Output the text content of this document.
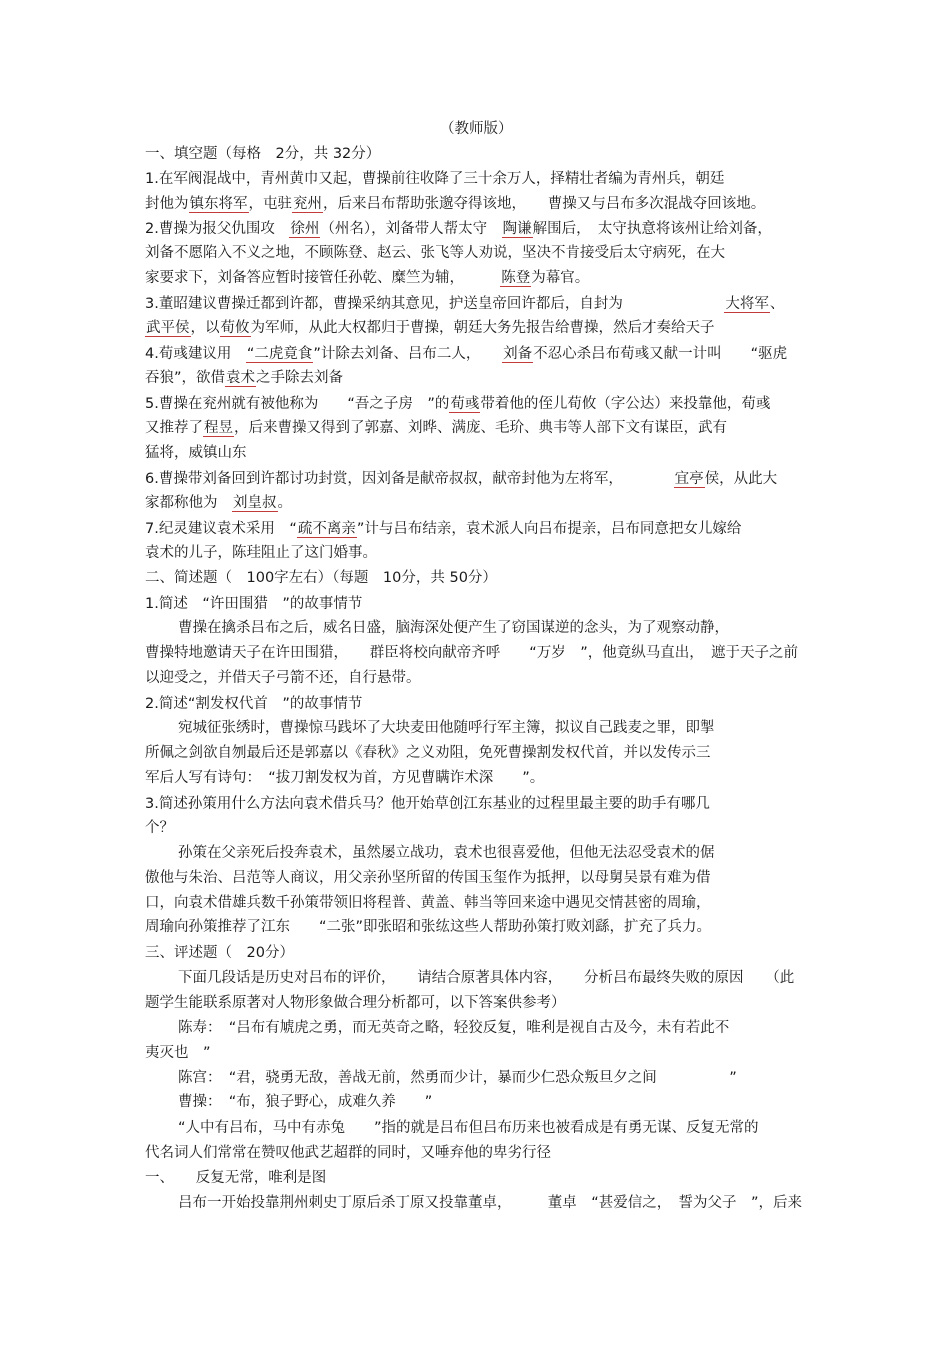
（教师版）
一、填空题（每格　2分，共 32分）
1.在军阀混战中，青州黄巾又起，曹操前往收降了三十余万人，择精壮者编为青州兵，朝廷
封他为镇东将军，屯驻兖州，后来吕布帮助张邈夺得该地，　　曹操又与吕布多次混战夺回该地。
2.曹操为报父仇围攻　徐州（州名），刘备带人帮太守　陶谦解围后，　太守执意将该州让给刘备，
刘备不愿陷入不义之地，不顾陈登、赵云、张飞等人劝说，坚决不肯接受后太守病死，在大
家要求下，刘备答应暂时接管任孙乾、糜竺为辅，　　　陈登为幕官。
3.董昭建议曹操迁都到许都，曹操采纳其意见，护送皇帝回许都后，自封为　　　　　　　大将军、
武平侯，以荀攸为军师，从此大权都归于曹操，朝廷大务先报告给曹操，然后才奏给天子
4.荀彧建议用　“二虎竟食”计除去刘备、吕布二人，　　刘备不忍心杀吕布荀彧又献一计叫　　“驱虎
吞狼”，欲借袁术之手除去刘备
5.曹操在兖州就有被他称为　　“吾之子房　”的荀彧带着他的侄儿荀攸（字公达）来投靠他，荀彧
又推荐了程昱，后来曹操又得到了郭嘉、刘晔、满庞、毛玠、典韦等人部下文有谋臣，武有
猛将，威镇山东
6.曹操带刘备回到许都讨功封赏，因刘备是献帝叔叔，献帝封他为左将军，　　　　宜亭侯，从此大
家都称他为　刘皇叔。
7.纪灵建议袁术采用　“疏不离亲”计与吕布结亲，袁术派人向吕布提亲，吕布同意把女儿嫁给
袁术的儿子，陈珪阻止了这门婚事。
二、简述题（　100字左右）（每题　10分，共 50分）
1.简述　“许田围猎　”的故事情节
曹操在擒杀吕布之后，威名日盛，脑海深处便产生了窃国谋逆的念头，为了观察动静，
曹操特地邀请天子在许田围猎，　　群臣将校向献帝齐呼　　“万岁　”，他竟纵马直出，　遮于天子之前
以迎受之，并借天子弓箭不还，自行悬带。
2.简述“割发权代首　”的故事情节
宛城征张绣时，曹操惊马践坏了大块麦田他随呼行军主簿，拟议自己践麦之罪，即掣
所佩之剑欲自刎最后还是郭嘉以《春秋》之义劝阻，免死曹操割发权代首，并以发传示三
军后人写有诗句：　“拔刀割发权为首，方见曹瞒诈术深　　”。
3.简述孙策用什么方法向袁术借兵马？他开始草创江东基业的过程里最主要的助手有哪几
个？
孙策在父亲死后投奔袁术，虽然屡立战功，袁术也很喜爱他，但他无法忍受袁术的倨
傲他与朱治、吕范等人商议，用父亲孙坚所留的传国玉玺作为抵押，以母舅吴景有难为借
口，向袁术借雄兵数千孙策带领旧将程普、黄盖、韩当等回来途中遇见交情甚密的周瑜，
周瑜向孙策推荐了江东　　“二张”即张昭和张纮这些人帮助孙策打败刘繇，扩充了兵力。
三、评述题（　20分）
下面几段话是历史对吕布的评价，　　请结合原著具体内容，　　分析吕布最终失败的原因　　（此
题学生能联系原著对人物形象做合理分析都可，以下答案供参考）
陈寿：　“吕布有虓虎之勇，而无英奇之略，轻狡反复，唯利是视自古及今，未有若此不
夷灭也　”
陈宫：　“君，骁勇无敌，善战无前，然勇而少计，暴而少仁恐众叛旦夕之间　　　　　”
曹操：　“布，狼子野心，成难久养　　”
“人中有吕布，马中有赤兔　　”指的就是吕布但吕布历来也被看成是有勇无谋、反复无常的
代名词人们常常在赞叹他武艺超群的同时，又唾弃他的卑劣行径
一、　　反复无常，唯利是图
吕布一开始投靠荆州刺史丁原后杀丁原又投靠董卓，　　　董卓　“甚爱信之，　誓为父子　”，后来
